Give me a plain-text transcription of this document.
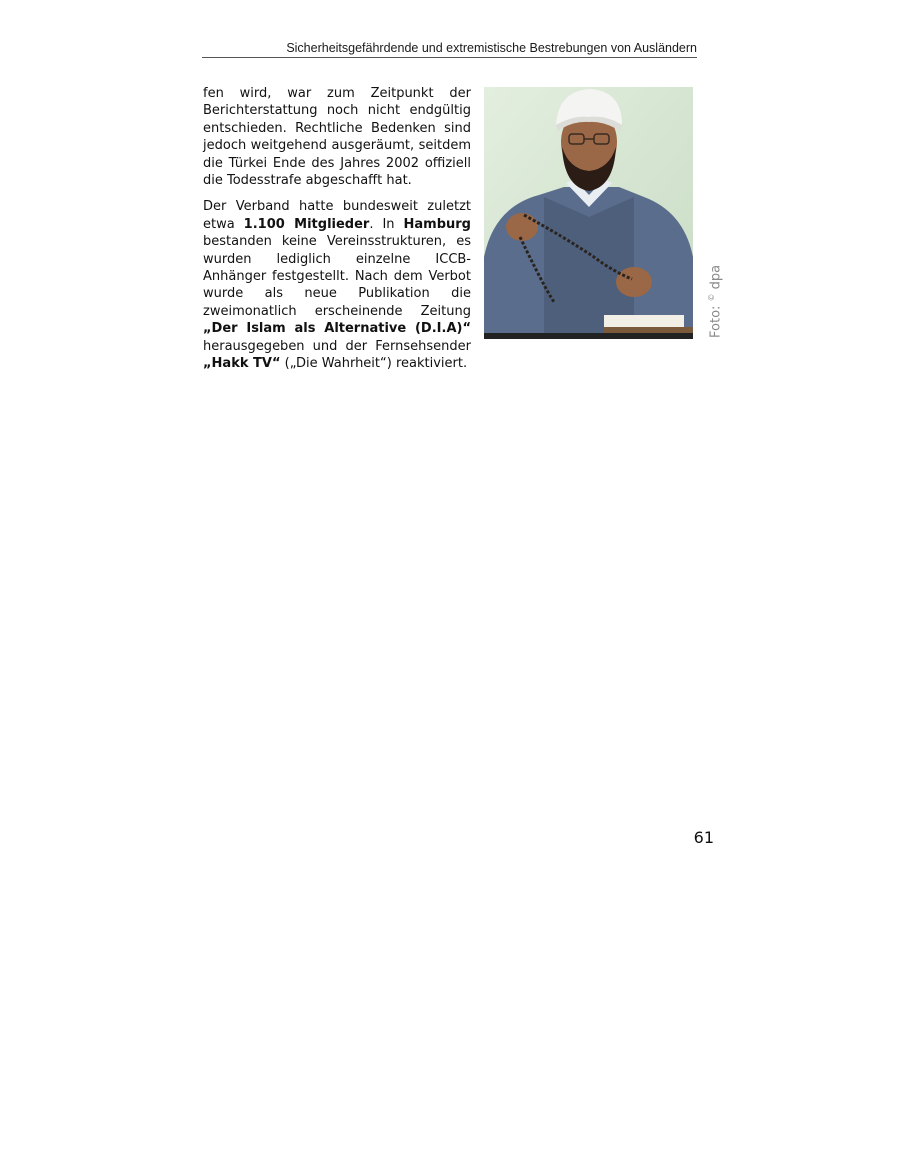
Sicherheitsgefährdende und extremistische Bestrebungen von Ausländern

fen wird, war zum Zeitpunkt der Berichterstattung noch nicht endgültig entschieden. Rechtliche Bedenken sind jedoch weitgehend ausgeräumt, seitdem die Türkei Ende des Jahres 2002 offiziell die Todesstrafe abgeschafft hat.

Der Verband hatte bundesweit zuletzt etwa 1.100 Mitglieder. In Hamburg bestanden keine Vereinsstrukturen, es wurden lediglich einzelne ICCB-Anhänger festgestellt. Nach dem Verbot wurde als neue Publikation die zweimonatlich erscheinende Zeitung „Der Islam als Alternative (D.I.A)“ herausgegeben und der Fernsehsender „Hakk TV“ („Die Wahrheit“) reaktiviert.

Foto: © dpa
61
